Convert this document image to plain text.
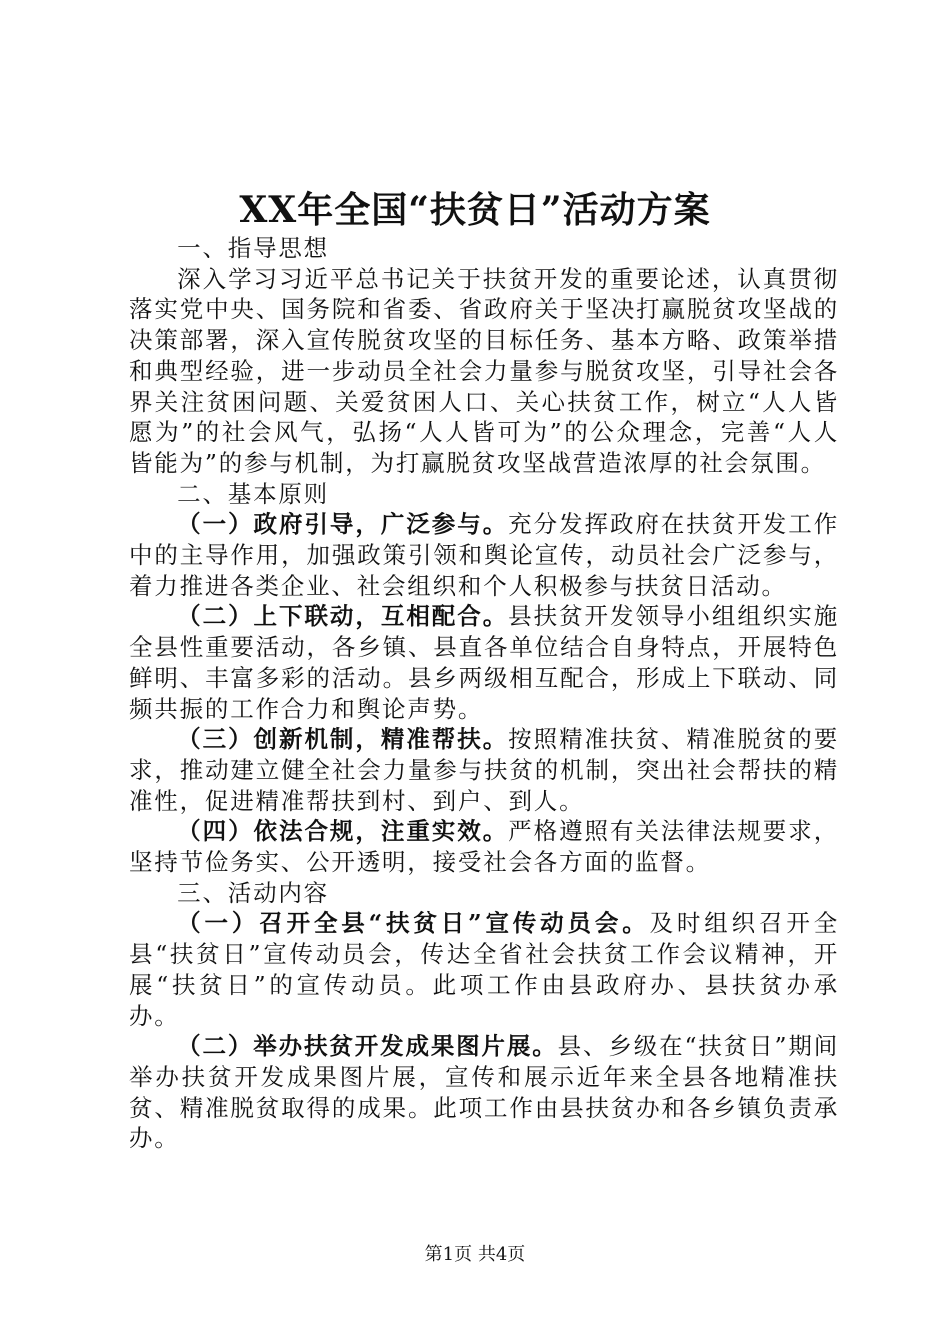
XX年全国“扶贫日”活动方案

一、指导思想

深入学习习近平总书记关于扶贫开发的重要论述，认真贯彻落实党中央、国务院和省委、省政府关于坚决打赢脱贫攻坚战的决策部署，深入宣传脱贫攻坚的目标任务、基本方略、政策举措和典型经验，进一步动员全社会力量参与脱贫攻坚，引导社会各界关注贫困问题、关爱贫困人口、关心扶贫工作，树立“人人皆愿为”的社会风气，弘扬“人人皆可为”的公众理念，完善“人人皆能为”的参与机制，为打赢脱贫攻坚战营造浓厚的社会氛围。

二、基本原则

（一）政府引导，广泛参与。充分发挥政府在扶贫开发工作中的主导作用，加强政策引领和舆论宣传，动员社会广泛参与，着力推进各类企业、社会组织和个人积极参与扶贫日活动。

（二）上下联动，互相配合。县扶贫开发领导小组组织实施全县性重要活动，各乡镇、县直各单位结合自身特点，开展特色鲜明、丰富多彩的活动。县乡两级相互配合，形成上下联动、同频共振的工作合力和舆论声势。

（三）创新机制，精准帮扶。按照精准扶贫、精准脱贫的要求，推动建立健全社会力量参与扶贫的机制，突出社会帮扶的精准性，促进精准帮扶到村、到户、到人。

（四）依法合规，注重实效。严格遵照有关法律法规要求，坚持节俭务实、公开透明，接受社会各方面的监督。

三、活动内容

（一）召开全县“扶贫日”宣传动员会。及时组织召开全县“扶贫日”宣传动员会，传达全省社会扶贫工作会议精神，开展“扶贫日”的宣传动员。此项工作由县政府办、县扶贫办承办。

（二）举办扶贫开发成果图片展。县、乡级在“扶贫日”期间举办扶贫开发成果图片展，宣传和展示近年来全县各地精准扶贫、精准脱贫取得的成果。此项工作由县扶贫办和各乡镇负责承办。

第1页 共4页
